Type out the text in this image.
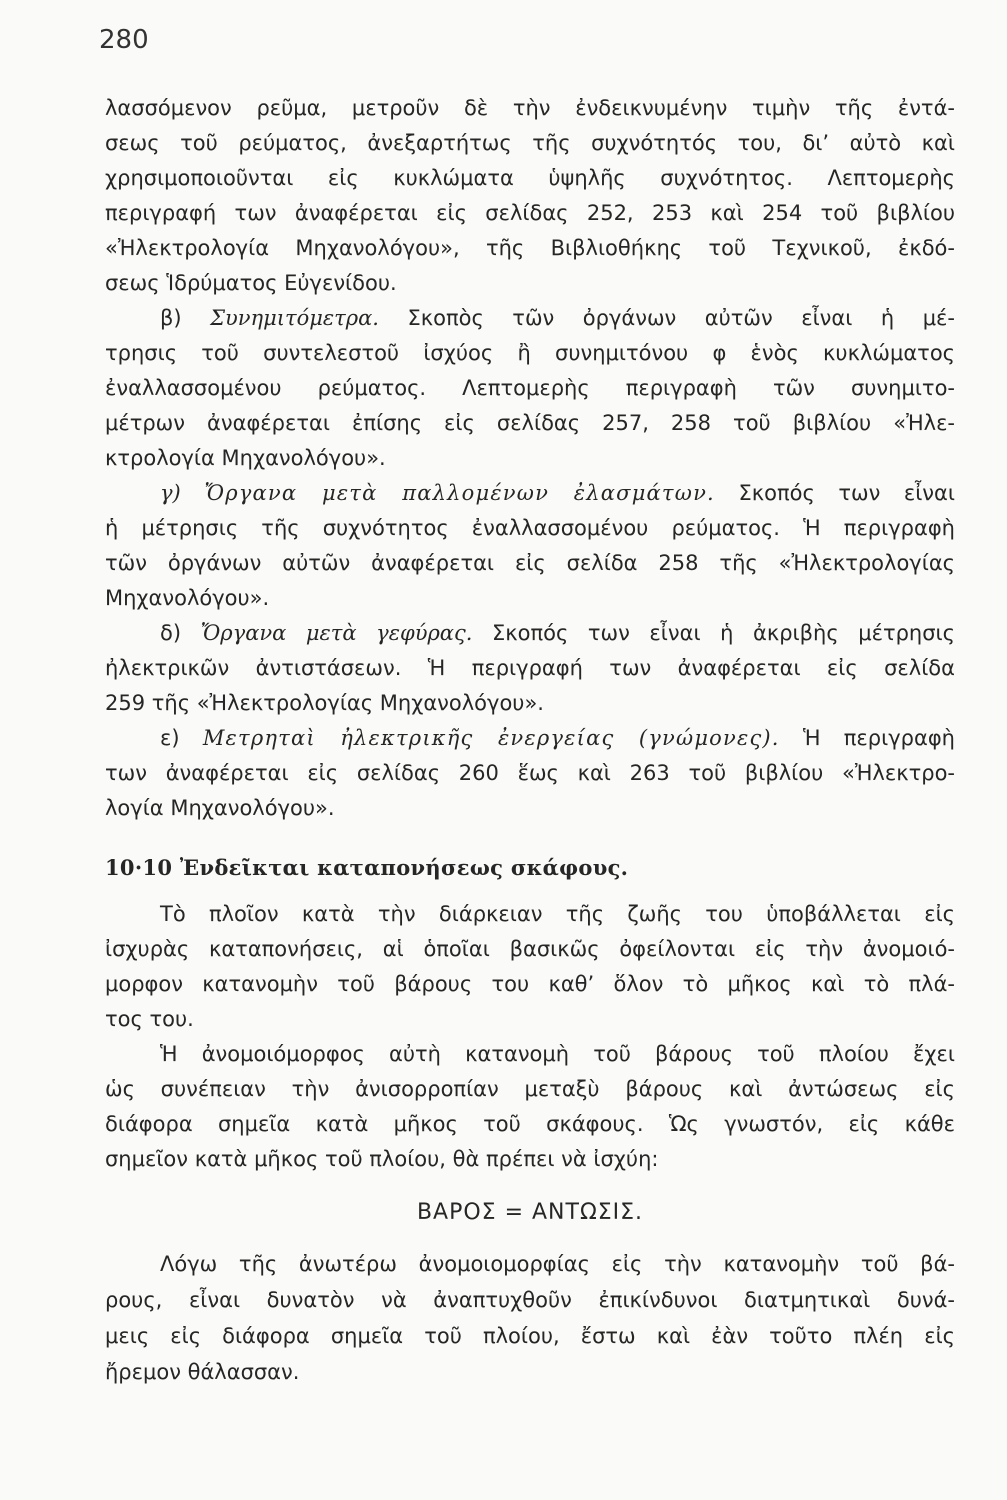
280
λασσόμενον ρεῦμα, μετροῦν δὲ τὴν ἐνδεικνυμένην τιμὴν τῆς ἐντά-
σεως τοῦ ρεύματος, ἀνεξαρτήτως τῆς συχνότητός του, δι’ αὐτὸ καὶ
χρησιμοποιοῦνται εἰς κυκλώματα ὑψηλῆς συχνότητος. Λεπτομερὴς
περιγραφή των ἀναφέρεται εἰς σελίδας 252, 253 καὶ 254 τοῦ βιβλίου
«Ἠλεκτρολογία Μηχανολόγου», τῆς Βιβλιοθήκης τοῦ Τεχνικοῦ, ἐκδό-
σεως Ἱδρύματος Εὐγενίδου.
β) Συνημιτόμετρα. Σκοπὸς τῶν ὀργάνων αὐτῶν εἶναι ἡ μέ-
τρησις τοῦ συντελεστοῦ ἰσχύος ἢ συνημιτόνου φ ἑνὸς κυκλώματος
ἐναλλασσομένου ρεύματος. Λεπτομερὴς περιγραφὴ τῶν συνημιτο-
μέτρων ἀναφέρεται ἐπίσης εἰς σελίδας 257, 258 τοῦ βιβλίου «Ἠλε-
κτρολογία Μηχανολόγου».
γ) Ὄργανα μετὰ παλλομένων ἐλασμάτων. Σκοπός των εἶναι
ἡ μέτρησις τῆς συχνότητος ἐναλλασσομένου ρεύματος. Ἡ περιγραφὴ
τῶν ὀργάνων αὐτῶν ἀναφέρεται εἰς σελίδα 258 τῆς «Ἠλεκτρολογίας
Μηχανολόγου».
δ) Ὄργανα μετὰ γεφύρας. Σκοπός των εἶναι ἡ ἀκριβὴς μέτρησις
ἠλεκτρικῶν ἀντιστάσεων. Ἡ περιγραφή των ἀναφέρεται εἰς σελίδα
259 τῆς «Ἠλεκτρολογίας Μηχανολόγου».
ε) Μετρηταὶ ἠλεκτρικῆς ἐνεργείας (γνώμονες). Ἡ περιγραφὴ
των ἀναφέρεται εἰς σελίδας 260 ἕως καὶ 263 τοῦ βιβλίου «Ἠλεκτρο-
λογία Μηχανολόγου».
10·10 Ἐνδεῖκται καταπονήσεως σκάφους.
Τὸ πλοῖον κατὰ τὴν διάρκειαν τῆς ζωῆς του ὑποβάλλεται εἰς
ἰσχυρὰς καταπονήσεις, αἱ ὁποῖαι βασικῶς ὀφείλονται εἰς τὴν ἀνομοιό-
μορφον κατανομὴν τοῦ βάρους του καθ’ ὅλον τὸ μῆκος καὶ τὸ πλά-
τος του.
Ἡ ἀνομοιόμορφος αὐτὴ κατανομὴ τοῦ βάρους τοῦ πλοίου ἔχει
ὡς συνέπειαν τὴν ἀνισορροπίαν μεταξὺ βάρους καὶ ἀντώσεως εἰς
διάφορα σημεῖα κατὰ μῆκος τοῦ σκάφους. Ὡς γνωστόν, εἰς κάθε
σημεῖον κατὰ μῆκος τοῦ πλοίου, θὰ πρέπει νὰ ἰσχύη:
ΒΑΡΟΣ = ΑΝΤΩΣΙΣ.
Λόγω τῆς ἀνωτέρω ἀνομοιομορφίας εἰς τὴν κατανομὴν τοῦ βά-
ρους, εἶναι δυνατὸν νὰ ἀναπτυχθοῦν ἐπικίνδυνοι διατμητικαὶ δυνά-
μεις εἰς διάφορα σημεῖα τοῦ πλοίου, ἔστω καὶ ἐὰν τοῦτο πλέη εἰς
ἤρεμον θάλασσαν.
